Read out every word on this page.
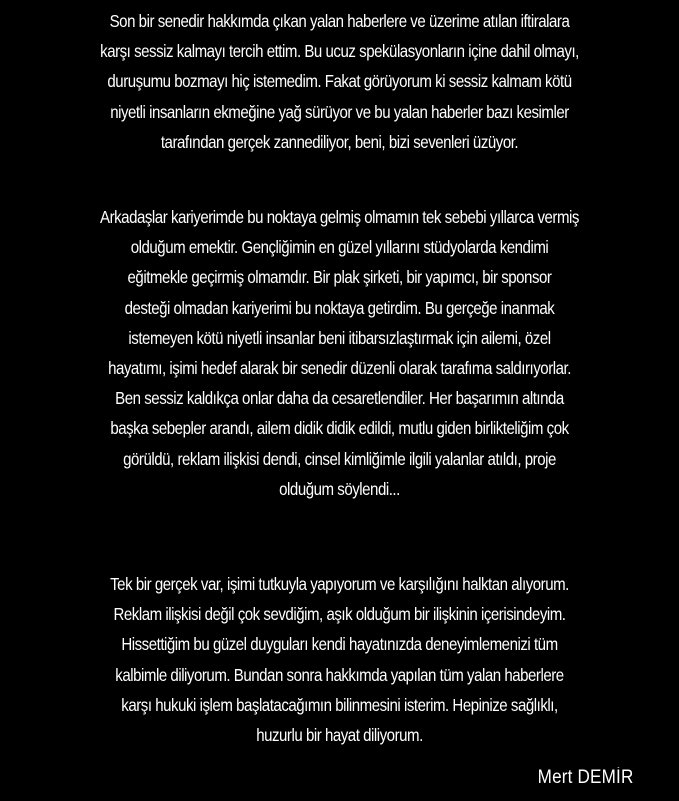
Son bir senedir hakkımda çıkan yalan haberlere ve üzerime atılan iftiralara
karşı sessiz kalmayı tercih ettim. Bu ucuz spekülasyonların içine dahil olmayı,
duruşumu bozmayı hiç istemedim. Fakat görüyorum ki sessiz kalmam kötü
niyetli insanların ekmeğine yağ sürüyor ve bu yalan haberler bazı kesimler
tarafından gerçek zannediliyor, beni, bizi sevenleri üzüyor.
Arkadaşlar kariyerimde bu noktaya gelmiş olmamın tek sebebi yıllarca vermiş
olduğum emektir. Gençliğimin en güzel yıllarını stüdyolarda kendimi
eğitmekle geçirmiş olmamdır. Bir plak şirketi, bir yapımcı, bir sponsor
desteği olmadan kariyerimi bu noktaya getirdim. Bu gerçeğe inanmak
istemeyen kötü niyetli insanlar beni itibarsızlaştırmak için ailemi, özel
hayatımı, işimi hedef alarak bir senedir düzenli olarak tarafıma saldırıyorlar.
Ben sessiz kaldıkça onlar daha da cesaretlendiler. Her başarımın altında
başka sebepler arandı, ailem didik didik edildi, mutlu giden birlikteliğim çok
görüldü, reklam ilişkisi dendi, cinsel kimliğimle ilgili yalanlar atıldı, proje
olduğum söylendi...
Tek bir gerçek var, işimi tutkuyla yapıyorum ve karşılığını halktan alıyorum.
Reklam ilişkisi değil çok sevdiğim, aşık olduğum bir ilişkinin içerisindeyim.
Hissettiğim bu güzel duyguları kendi hayatınızda deneyimlemenizi tüm
kalbimle diliyorum. Bundan sonra hakkımda yapılan tüm yalan haberlere
karşı hukuki işlem başlatacağımın bilinmesini isterim. Hepinize sağlıklı,
huzurlu bir hayat diliyorum.
Mert DEMİR
